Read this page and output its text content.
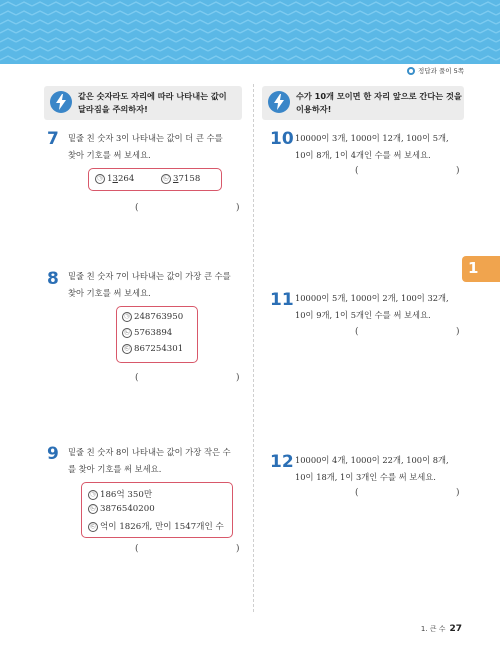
정답과 풀이 5쪽
같은 숫자라도 자리에 따라 나타내는 값이
달라짐을 주의하자!
수가 10개 모이면 한 자리 앞으로 간다는 것을
이용하자!
7 밑줄 친 숫자 3이 나타내는 값이 더 큰 수를
찾아 기호를 써 보세요.
㉠ 13264	㉡ 37158
(	)
8 밑줄 친 숫자 7이 나타내는 값이 가장 큰 수를
찾아 기호를 써 보세요.
㉠ 248763950
㉡ 5763894
㉢ 867254301
(	)
9 밑줄 친 숫자 8이 나타내는 값이 가장 작은 수
를 찾아 기호를 써 보세요.
㉠ 186억 350만
㉡ 3876540200
㉢ 억이 1826개, 만이 1547개인 수
(	)
10 10000이 3개, 1000이 12개, 100이 5개,
10이 8개, 1이 4개인 수를 써 보세요.
(	)
11 10000이 5개, 1000이 2개, 100이 32개,
10이 9개, 1이 5개인 수를 써 보세요.
(	)
12 10000이 4개, 1000이 22개, 100이 8개,
10이 18개, 1이 3개인 수를 써 보세요.
(	)
1
1. 큰 수 27
